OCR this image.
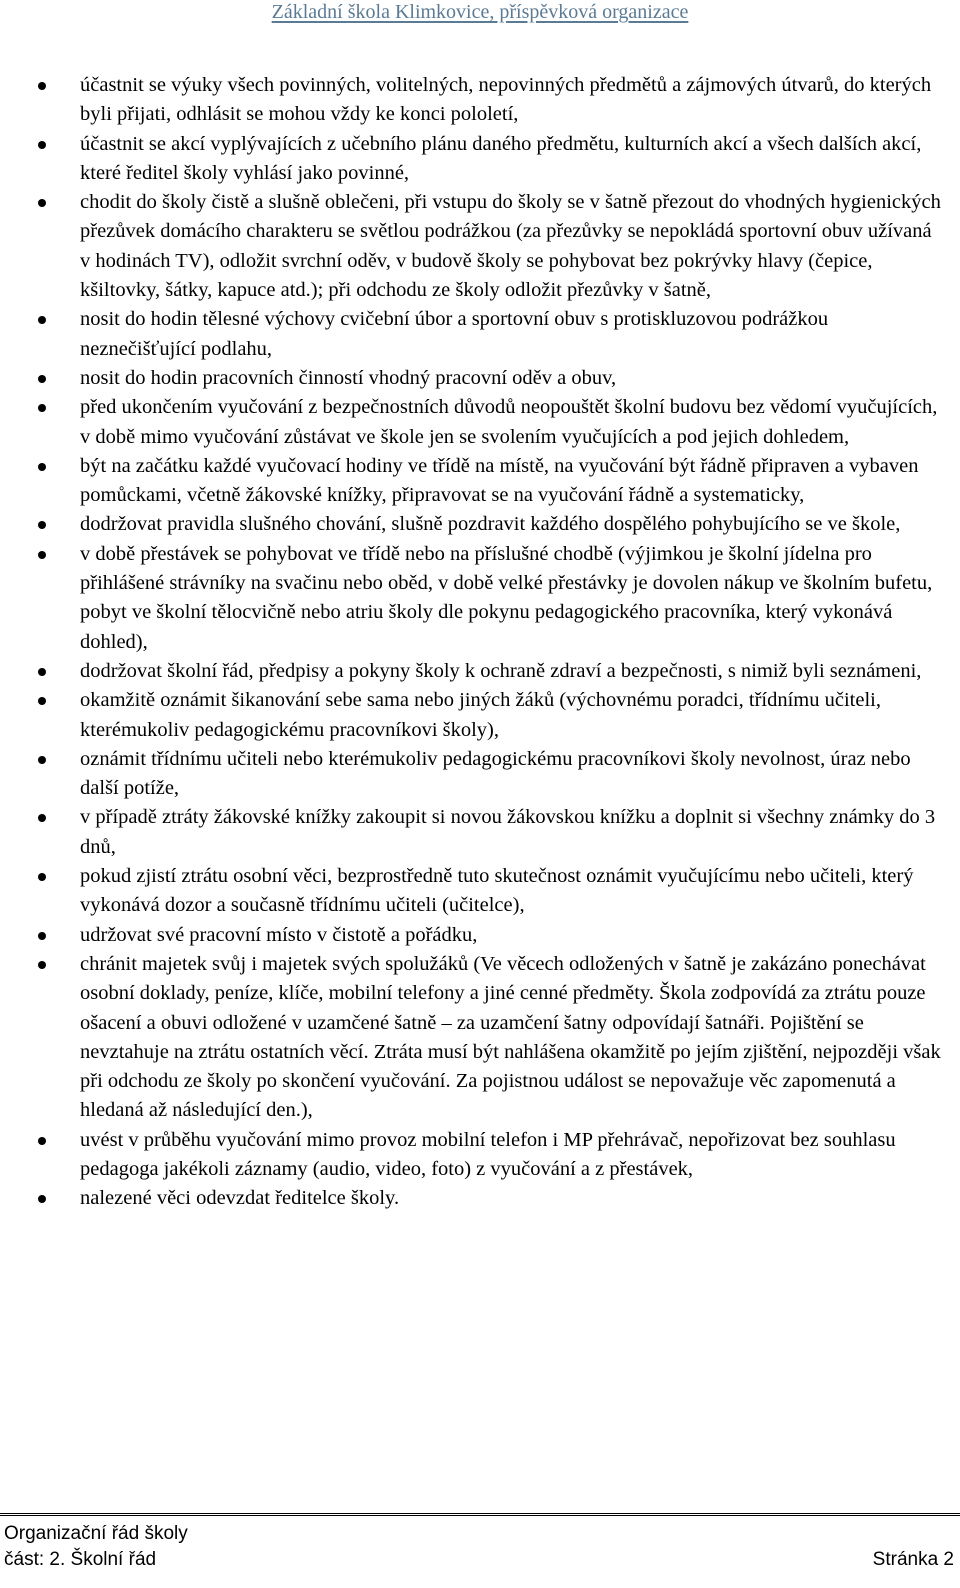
Základní škola Klimkovice, příspěvková organizace
účastnit se výuky všech povinných, volitelných, nepovinných předmětů a zájmových útvarů, do kterých byli přijati, odhlásit se mohou vždy ke konci pololetí,
účastnit se akcí vyplývajících z učebního plánu daného předmětu, kulturních akcí a všech dalších akcí, které ředitel školy vyhlásí jako povinné,
chodit do školy čistě a slušně oblečeni, při vstupu do školy se v šatně přezout do vhodných hygienických přezůvek domácího charakteru se světlou podrážkou (za přezůvky se nepokládá sportovní obuv užívaná v hodinách TV), odložit svrchní oděv, v budově školy se pohybovat bez pokrývky hlavy (čepice, kšiltovky, šátky, kapuce atd.); při odchodu ze školy odložit přezůvky v šatně,
nosit do hodin tělesné výchovy cvičební úbor a sportovní obuv s protiskluzovou podrážkou neznečišťující podlahu,
nosit do hodin pracovních činností vhodný pracovní oděv a obuv,
před ukončením vyučování z bezpečnostních důvodů neopouštět školní budovu bez vědomí vyučujících, v době mimo vyučování zůstávat ve škole jen se svolením vyučujících a pod jejich dohledem,
být na začátku každé vyučovací hodiny ve třídě na místě, na vyučování být řádně připraven a vybaven pomůckami, včetně žákovské knížky, připravovat se na vyučování řádně a systematicky,
dodržovat pravidla slušného chování, slušně pozdravit každého dospělého pohybujícího se ve škole,
v době přestávek se pohybovat ve třídě nebo na příslušné chodbě (výjimkou je školní jídelna pro přihlášené strávníky na svačinu nebo oběd, v době velké přestávky je dovolen nákup ve školním bufetu, pobyt ve školní tělocvičně nebo atriu školy dle pokynu pedagogického pracovníka, který vykonává dohled),
dodržovat školní řád, předpisy a pokyny školy k ochraně zdraví a bezpečnosti, s nimiž byli seznámeni,
okamžitě oznámit šikanování sebe sama nebo jiných žáků (výchovnému poradci, třídnímu učiteli, kterémukoliv pedagogickému pracovníkovi školy),
oznámit třídnímu učiteli nebo kterémukoliv pedagogickému pracovníkovi školy nevolnost, úraz nebo další potíže,
v případě ztráty žákovské knížky zakoupit si novou žákovskou knížku a doplnit si všechny známky do 3 dnů,
pokud zjistí ztrátu osobní věci, bezprostředně tuto skutečnost oznámit vyučujícímu nebo učiteli, který vykonává dozor a současně třídnímu učiteli (učitelce),
udržovat své pracovní místo v čistotě a pořádku,
chránit majetek svůj i majetek svých spolužáků (Ve věcech odložených v šatně je zakázáno ponechávat osobní doklady, peníze, klíče, mobilní telefony a jiné cenné předměty. Škola zodpovídá za ztrátu pouze ošacení a obuvi odložené v uzamčené šatně – za uzamčení šatny odpovídají šatnáři. Pojištění se nevztahuje na ztrátu ostatních věcí. Ztráta musí být nahlášena okamžitě po jejím zjištění, nejpozději však při odchodu ze školy po skončení vyučování. Za pojistnou událost se nepovažuje věc zapomenutá a hledaná až následující den.),
uvést v průběhu vyučování mimo provoz mobilní telefon i MP přehrávač, nepořizovat bez souhlasu pedagoga jakékoli záznamy (audio, video, foto) z vyučování a z přestávek,
nalezené věci odevzdat ředitelce školy.
Organizační řád školy
část: 2. Školní řád	Stránka 2
